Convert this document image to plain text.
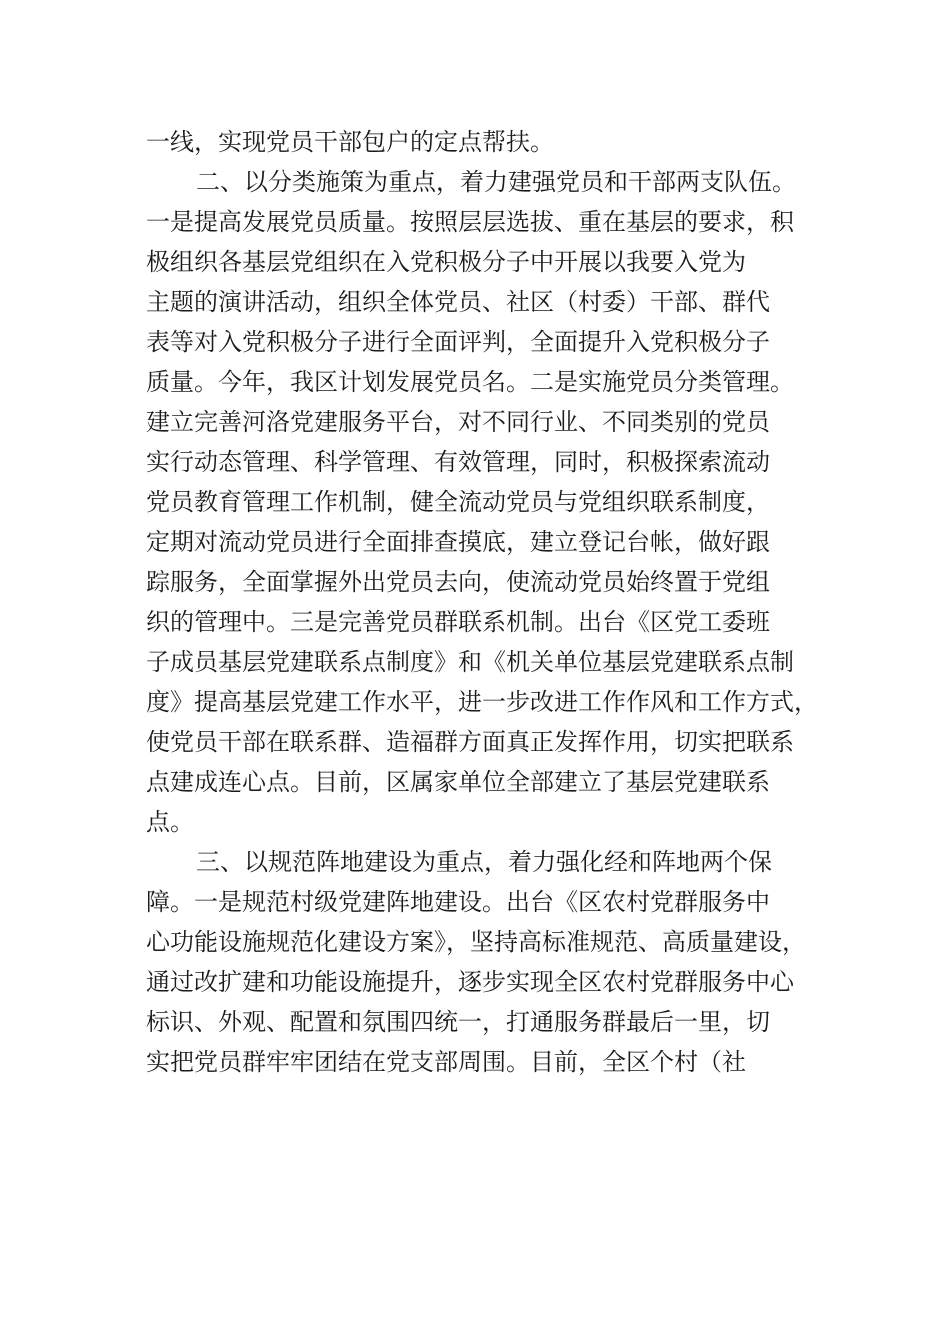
一线，实现党员干部包户的定点帮扶。
二、以分类施策为重点，着力建强党员和干部两支队伍。
一是提高发展党员质量。按照层层选拔、重在基层的要求，积
极组织各基层党组织在入党积极分子中开展以我要入党为
主题的演讲活动，组织全体党员、社区（村委）干部、群代
表等对入党积极分子进行全面评判，全面提升入党积极分子
质量。今年，我区计划发展党员名。二是实施党员分类管理。
建立完善河洛党建服务平台，对不同行业、不同类别的党员
实行动态管理、科学管理、有效管理，同时，积极探索流动
党员教育管理工作机制，健全流动党员与党组织联系制度，
定期对流动党员进行全面排查摸底，建立登记台帐，做好跟
踪服务，全面掌握外出党员去向，使流动党员始终置于党组
织的管理中。三是完善党员群联系机制。出台《区党工委班
子成员基层党建联系点制度》和《机关单位基层党建联系点制
度》提高基层党建工作水平，进一步改进工作作风和工作方式，
使党员干部在联系群、造福群方面真正发挥作用，切实把联系
点建成连心点。目前，区属家单位全部建立了基层党建联系
点。
三、以规范阵地建设为重点，着力强化经和阵地两个保
障。一是规范村级党建阵地建设。出台《区农村党群服务中
心功能设施规范化建设方案》，坚持高标准规范、高质量建设，
通过改扩建和功能设施提升，逐步实现全区农村党群服务中心
标识、外观、配置和氛围四统一，打通服务群最后一里，切
实把党员群牢牢团结在党支部周围。目前，全区个村（社
